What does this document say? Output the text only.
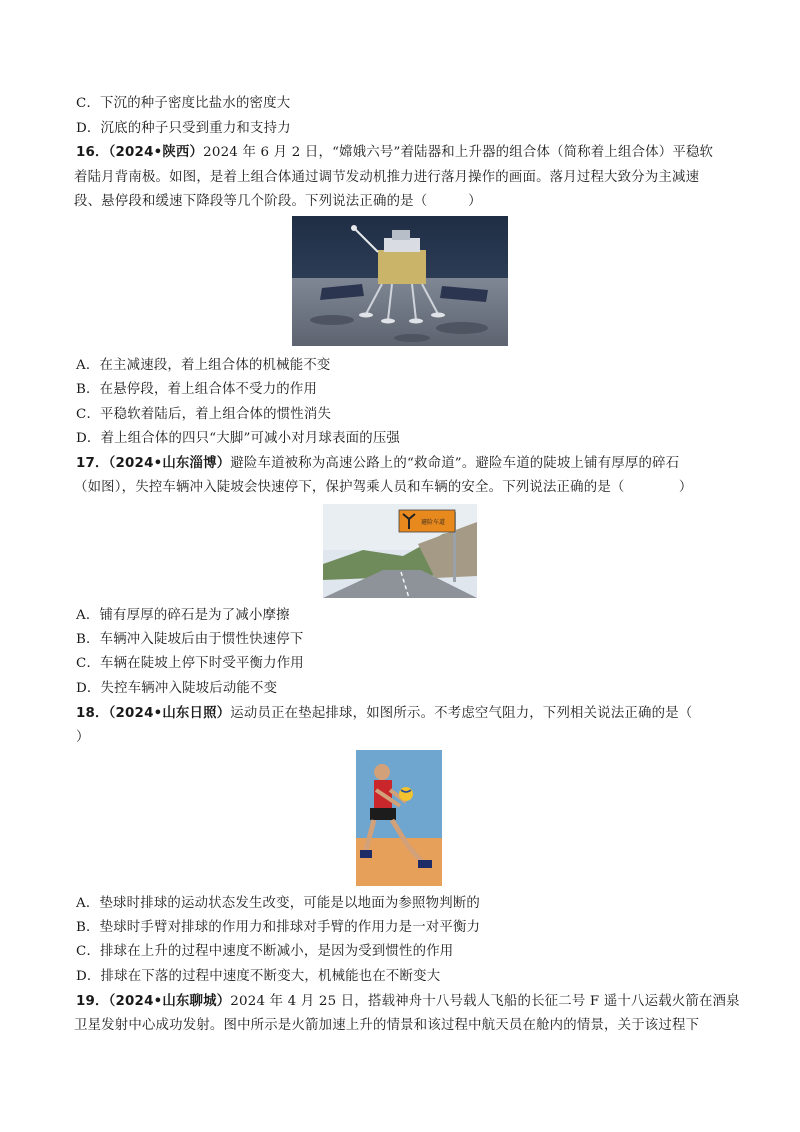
C．下沉的种子密度比盐水的密度大
D．沉底的种子只受到重力和支持力
16．（2024•陕西）2024 年 6 月 2 日，“嫦娥六号”着陆器和上升器的组合体（简称着上组合体）平稳软
着陆月背南极。如图，是着上组合体通过调节发动机推力进行落月操作的画面。落月过程大致分为主减速
段、悬停段和缓速下降段等几个阶段。下列说法正确的是（　　　）
A．在主减速段，着上组合体的机械能不变
B．在悬停段，着上组合体不受力的作用
C．平稳软着陆后，着上组合体的惯性消失
D．着上组合体的四只“大脚”可减小对月球表面的压强
17．（2024•山东淄博）避险车道被称为高速公路上的“救命道”。避险车道的陡坡上铺有厚厚的碎石
（如图），失控车辆冲入陡坡会快速停下，保护驾乘人员和车辆的安全。下列说法正确的是（　　　　）
避险车道
A．铺有厚厚的碎石是为了减小摩擦
B．车辆冲入陡坡后由于惯性快速停下
C．车辆在陡坡上停下时受平衡力作用
D．失控车辆冲入陡坡后动能不变
18．（2024•山东日照）运动员正在垫起排球，如图所示。不考虑空气阻力，下列相关说法正确的是（
）
A．垫球时排球的运动状态发生改变，可能是以地面为参照物判断的
B．垫球时手臂对排球的作用力和排球对手臂的作用力是一对平衡力
C．排球在上升的过程中速度不断减小，是因为受到惯性的作用
D．排球在下落的过程中速度不断变大，机械能也在不断变大
19．（2024•山东聊城）2024 年 4 月 25 日，搭载神舟十八号载人飞船的长征二号 F 遥十八运载火箭在酒泉
卫星发射中心成功发射。图中所示是火箭加速上升的情景和该过程中航天员在舱内的情景，关于该过程下
